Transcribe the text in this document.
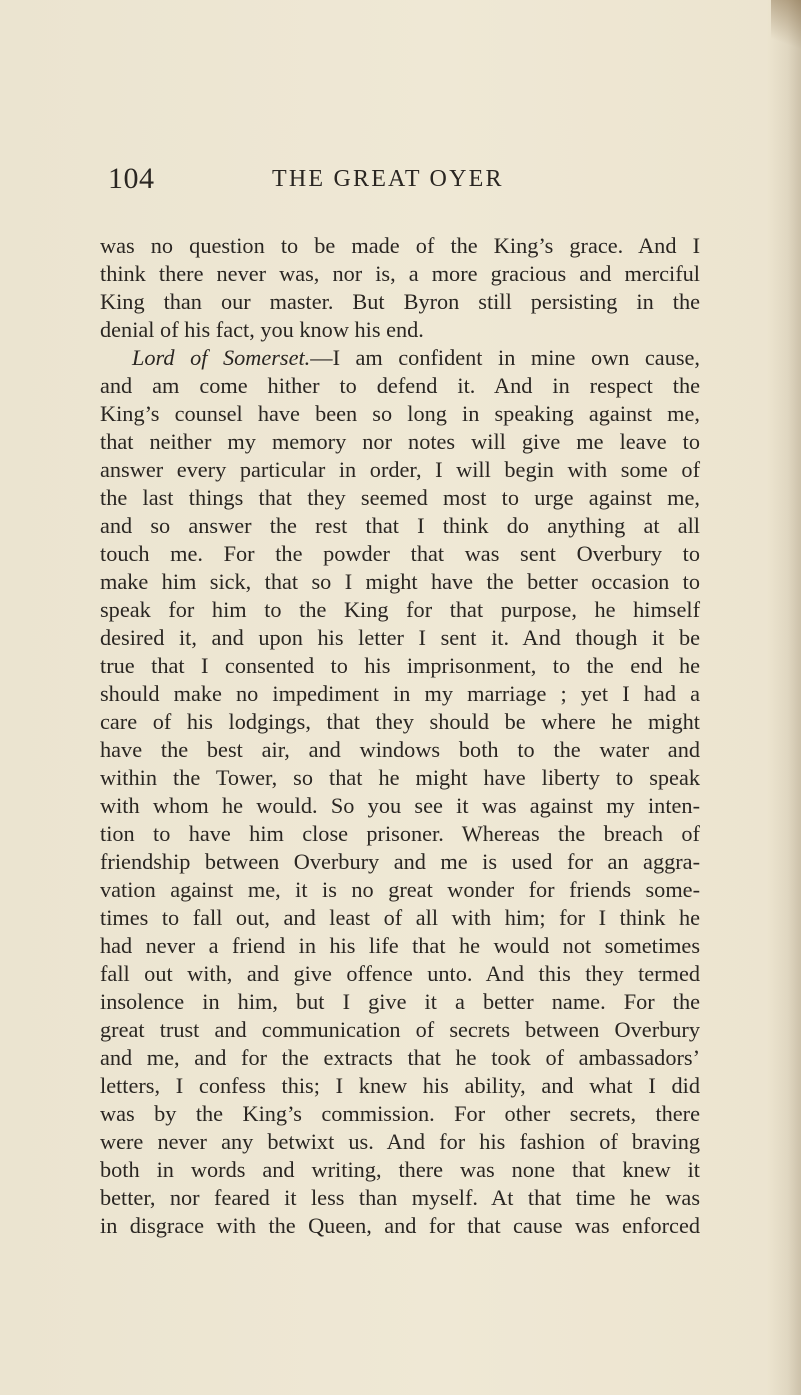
104	THE GREAT OYER
was no question to be made of the King’s grace. And I
think there never was, nor is, a more gracious and merciful
King than our master. But Byron still persisting in the
denial of his fact, you know his end.
Lord of Somerset.—I am confident in mine own cause,
and am come hither to defend it. And in respect the
King’s counsel have been so long in speaking against me,
that neither my memory nor notes will give me leave to
answer every particular in order, I will begin with some of
the last things that they seemed most to urge against me,
and so answer the rest that I think do anything at all
touch me. For the powder that was sent Overbury to
make him sick, that so I might have the better occasion to
speak for him to the King for that purpose, he himself
desired it, and upon his letter I sent it. And though it be
true that I consented to his imprisonment, to the end he
should make no impediment in my marriage ; yet I had a
care of his lodgings, that they should be where he might
have the best air, and windows both to the water and
within the Tower, so that he might have liberty to speak
with whom he would. So you see it was against my inten-
tion to have him close prisoner. Whereas the breach of
friendship between Overbury and me is used for an aggra-
vation against me, it is no great wonder for friends some-
times to fall out, and least of all with him; for I think he
had never a friend in his life that he would not sometimes
fall out with, and give offence unto. And this they termed
insolence in him, but I give it a better name. For the
great trust and communication of secrets between Overbury
and me, and for the extracts that he took of ambassadors’
letters, I confess this; I knew his ability, and what I did
was by the King’s commission. For other secrets, there
were never any betwixt us. And for his fashion of braving
both in words and writing, there was none that knew it
better, nor feared it less than myself. At that time he was
in disgrace with the Queen, and for that cause was enforced
